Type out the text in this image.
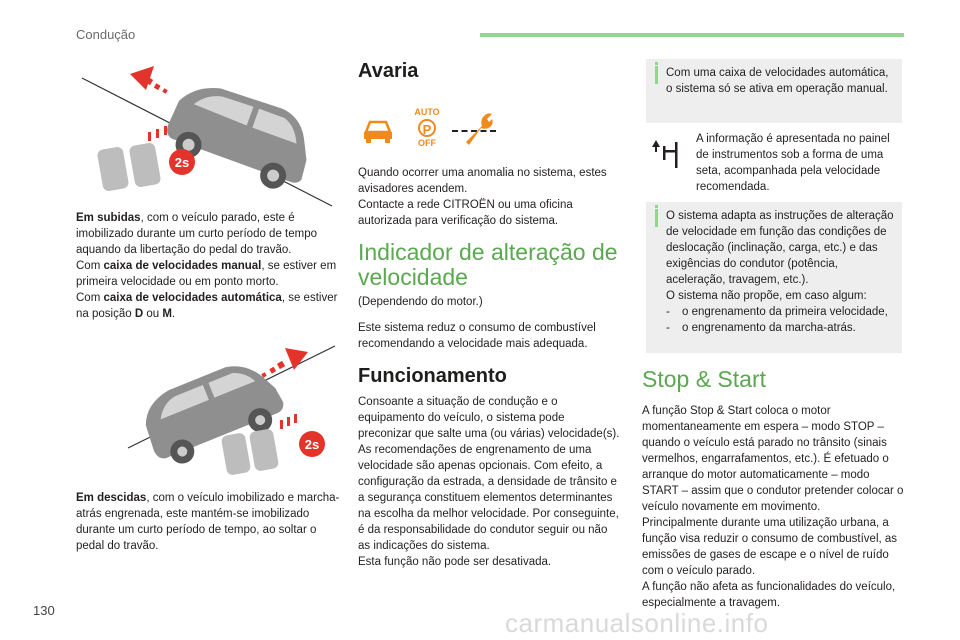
Condução
2s

Em subidas, com o veículo parado, este é imobilizado durante um curto período de tempo aquando da libertação do pedal do travão.

Com caixa de velocidades manual, se estiver em primeira velocidade ou em ponto morto.

Com caixa de velocidades automática, se estiver na posição D ou M.

2s

Em descidas, com o veículo imobilizado e marcha-atrás engrenada, este mantém-se imobilizado durante um curto período de tempo, ao soltar o pedal do travão.

Avaria
AUTO
P
OFF

Quando ocorrer uma anomalia no sistema, estes avisadores acendem.

Contacte a rede CITROËN ou uma oficina autorizada para verificação do sistema.

Indicador de alteração de velocidade

(Dependendo do motor.)

Este sistema reduz o consumo de combustível recomendando a velocidade mais adequada.

Funcionamento

Consoante a situação de condução e o equipamento do veículo, o sistema pode preconizar que salte uma (ou várias) velocidade(s).

As recomendações de engrenamento de uma velocidade são apenas opcionais. Com efeito, a configuração da estrada, a densidade de trânsito e a segurança constituem elementos determinantes na escolha da melhor velocidade. Por conseguinte, é da responsabilidade do condutor seguir ou não as indicações do sistema.

Esta função não pode ser desativada.

Com uma caixa de velocidades automática, o sistema só se ativa em operação manual.
A informação é apresentada no painel de instrumentos sob a forma de uma seta, acompanhada pela velocidade recomendada.

O sistema adapta as instruções de alteração de velocidade em função das condições de deslocação (inclinação, carga, etc.) e das exigências do condutor (potência, aceleração, travagem, etc.).

O sistema não propõe, em caso algum:

-	o engrenamento da primeira velocidade,
-	o engrenamento da marcha-atrás.
Stop & Start

A função Stop & Start coloca o motor momentaneamente em espera – modo STOP – quando o veículo está parado no trânsito (sinais vermelhos, engarrafamentos, etc.). É efetuado o arranque do motor automaticamente – modo START – assim que o condutor pretender colocar o veículo novamente em movimento.

Principalmente durante uma utilização urbana, a função visa reduzir o consumo de combustível, as emissões de gases de escape e o nível de ruído com o veículo parado.

A função não afeta as funcionalidades do veículo, especialmente a travagem.

130	carmanualsonline.info
